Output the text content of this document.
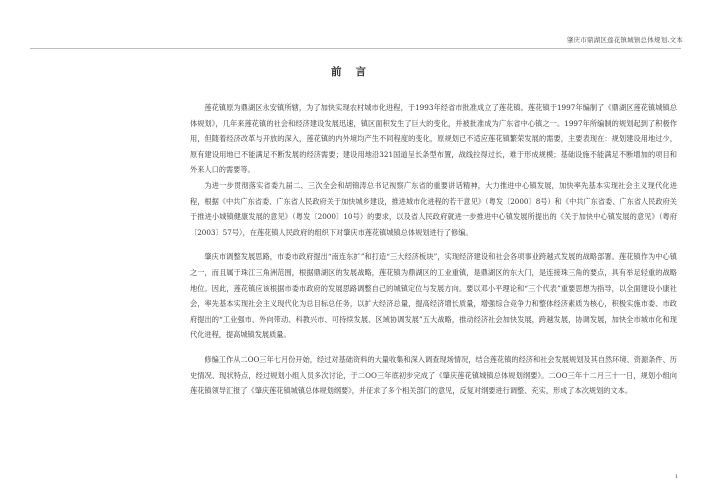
肇庆市鼎湖区莲花镇城镇总体规划.文本
前言

莲花镇原为鼎湖区永安镇所辖，为了加快实现农村城市化进程，于1993年经省市批准成立了莲花镇。莲花镇于1997年编制了《鼎湖区莲花镇城镇总体规划》，几年来莲花镇的社会和经济建设发展迅速，镇区面积发生了巨大的变化，并被批准成为广东省中心镇之一。1997年所编制的规划起到了积极作用，但随着经济改革与开放的深入，莲花镇的内外境均产生不同程度的变化，原规划已不适应莲花镇繁荣发展的需要，主要表现在：规划建设用地过少，原有建设用地已不能满足不断发展的经济需要；建设用地沿321国道呈长条型布置，战线拉得过长，难于形成规模；基础设施不能满足不断增加的项目和外来人口的需要等。

为进一步贯彻落实省委九届二、三次全会和胡锦涛总书记视察广东省的重要讲话精神，大力推进中心镇发展，加快率先基本实现社会主义现代化进程，根据《中共广东省委、广东省人民政府关于加快城乡建设，推进城市化进程的若干意见》（粤发〔2000〕8号）和《中共广东省委、广东省人民政府关于推进小城镇健康发展的意见》（粤发〔2000〕10号）的要求，以及省人民政府就进一步推进中心镇发展所提出的《关于加快中心镇发展的意见》（粤府〔2003〕57号），在莲花镇人民政府的组织下对肇庆市莲花镇城镇总体规划进行了修编。

肇庆市调整发展思路，市委市政府提出“南连东扩”和打造“三大经济板块”，实现经济建设和社会各项事业跨越式发展的战略部署。莲花镇作为中心镇之一，而且属于珠江三角洲范围，根据鼎湖区的发展战略，莲花镇为鼎湖区的工业重镇，是鼎湖区的东大门，是连接珠三角的要点，具有举足轻重的战略地位。因此，莲花镇应该根据市委市政府的发展思路调整自己的城镇定位与发展方向。要以邓小平理论和“三个代表”重要思想为指导，以全面建设小康社会，率先基本实现社会主义现代化为总目标总任务，以扩大经济总量，提高经济增长质量，增强综合竞争力和整体经济素质为核心，积极实施市委、市政府提出的“工业强市、外向带动、科教兴市、可持续发展、区域协调发展”五大战略，推动经济社会加快发展，跨越发展，协调发展，加快全市城市化和现代化进程，提高城镇发展质量。

修编工作从二OO三年七月份开始，经过对基础资料的大量收集和深入调查现场情况，结合莲花镇的经济和社会发展规划及其自然环境、资源条件、历史情况、现状特点，经过规划小组人员多次讨论，于二OO三年底初步完成了《肇庆莲花镇城镇总体规划纲要》。二OO三年十二月三十一日，规划小组向莲花镇领导汇报了《肇庆莲花镇城镇总体规划纲要》，并征求了多个相关部门的意见，反复对纲要进行调整、充实，形成了本次规划的文本。

1
